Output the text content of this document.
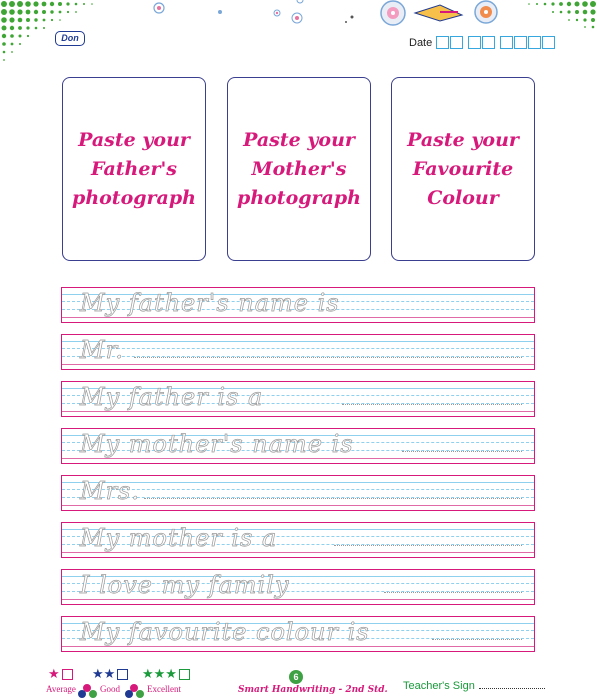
Don	Date
Paste your
Father's
photograph
Paste your
Mother's
photograph
Paste your
Favourite
Colour
My father's name is
Mr.
My father is a
My mother's name is
Mrs.
My mother is a
I love my family
My favourite colour is
★	★★	★★★
Average	Good	Excellent
6
Smart Handwriting - 2nd Std. Teacher's Sign
